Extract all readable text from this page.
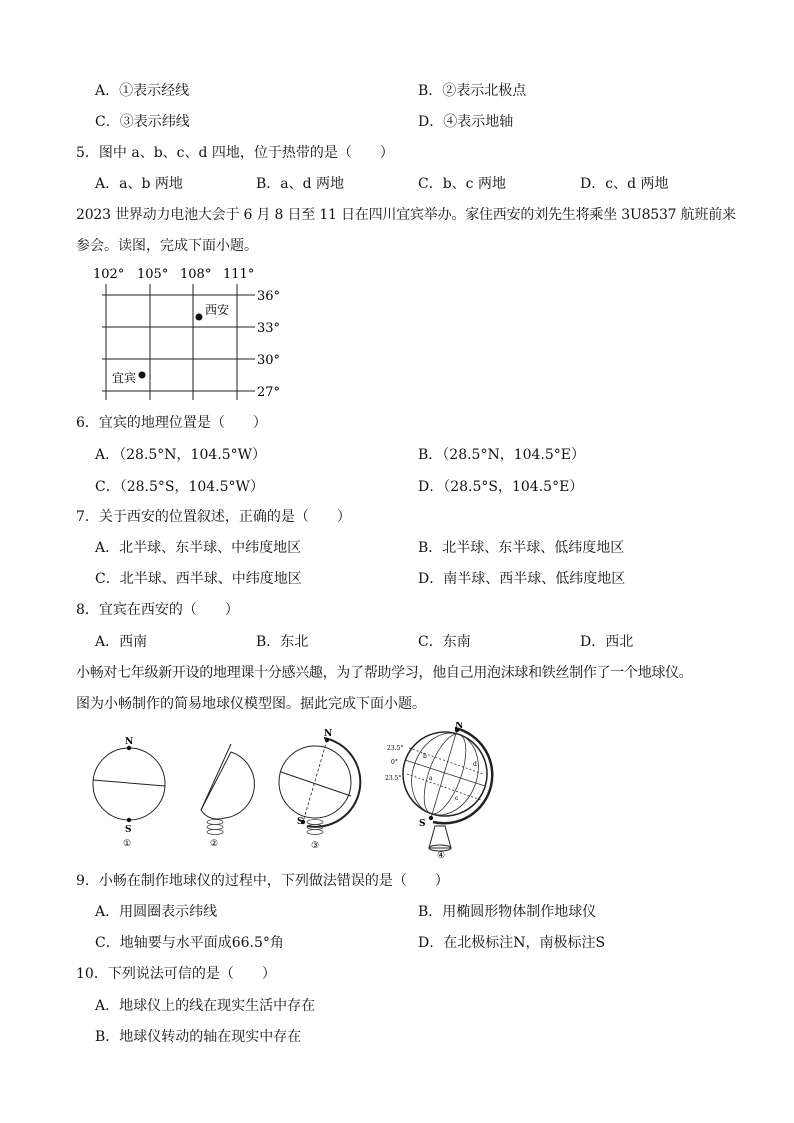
A．①表示经线	B．②表示北极点
C．③表示纬线	D．④表示地轴
5．图中 a、b、c、d 四地，位于热带的是（　　）
A．a、b 两地	B．a、d 两地	C．b、c 两地	D．c、d 两地
2023 世界动力电池大会于 6 月 8 日至 11 日在四川宜宾举办。家住西安的刘先生将乘坐 3U8537 航班前来
参会。读图，完成下面小题。
102° 105° 108° 111°
36°
33°
30°
27°
西安
宜宾
6．宜宾的地理位置是（　　）
A．（28.5°N，104.5°W）	B．（28.5°N，104.5°E）
C．（28.5°S，104.5°W）	D．（28.5°S，104.5°E）
7．关于西安的位置叙述，正确的是（　　）
A．北半球、东半球、中纬度地区	B．北半球、东半球、低纬度地区
C．北半球、西半球、中纬度地区	D．南半球、西半球、低纬度地区
8．宜宾在西安的（　　）
A．西南	B．东北	C．东南	D．西北
小畅对七年级新开设的地理课十分感兴趣，为了帮助学习，他自己用泡沫球和铁丝制作了一个地球仪。
图为小畅制作的简易地球仪模型图。据此完成下面小题。
N
S
①	②
N
S
③
N
S
23.5°
0°
23.5°
b
d
a
c
④
9．小畅在制作地球仪的过程中，下列做法错误的是（　　）
A．用圆圈表示纬线	B．用椭圆形物体制作地球仪
C．地轴要与水平面成66.5°角	D．在北极标注N，南极标注S
10．下列说法可信的是（　　）
A．地球仪上的线在现实生活中存在
B．地球仪转动的轴在现实中存在
